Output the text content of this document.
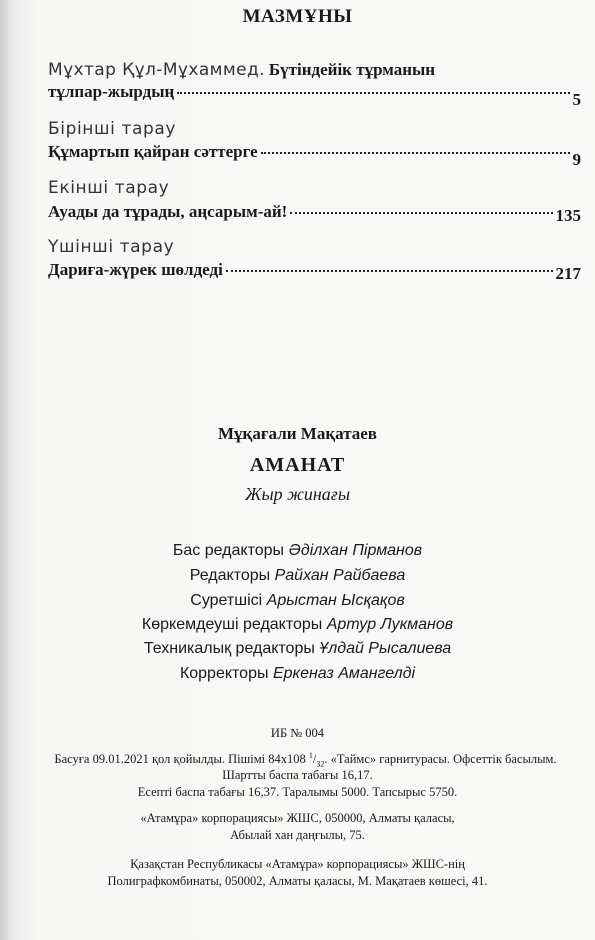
МАЗМҰНЫ
Мұхтар Құл-Мұхаммед. Бүтіндейік тұрманын
тұлпар-жырдың	5
Бірінші тарау
Құмартып қайран сәттерге	9
Екінші тарау
Ауады да тұрады, аңсарым-ай!	135
Үшінші тарау
Дариға-жүрек шөлдеді	217
Мұқағали Мақатаев
АМАНАТ
Жыр жинағы
Бас редакторы Әділхан Пірманов
Редакторы Райхан Райбаева
Суретшісі Арыстан Ысқақов
Көркемдеуші редакторы Артур Лукманов
Техникалық редакторы Ұлдай Рысалиева
Корректоры Еркеназ Амангелді
ИБ № 004
Басуға 09.01.2021 қол қойылды. Пішімі 84х108 $^1/_{32}$. «Таймс» гарнитурасы. Офсеттік басылым.
Шартты баспа табағы 16,17.
Есепті баспа табағы 16,37. Таралымы 5000. Тапсырыс 5750.
«Атамұра» корпорациясы» ЖШС, 050000, Алматы қаласы,
Абылай хан даңғылы, 75.
Қазақстан Республикасы «Атамұра» корпорациясы» ЖШС-нің
Полиграфкомбинаты, 050002, Алматы қаласы, М. Мақатаев көшесі, 41.
